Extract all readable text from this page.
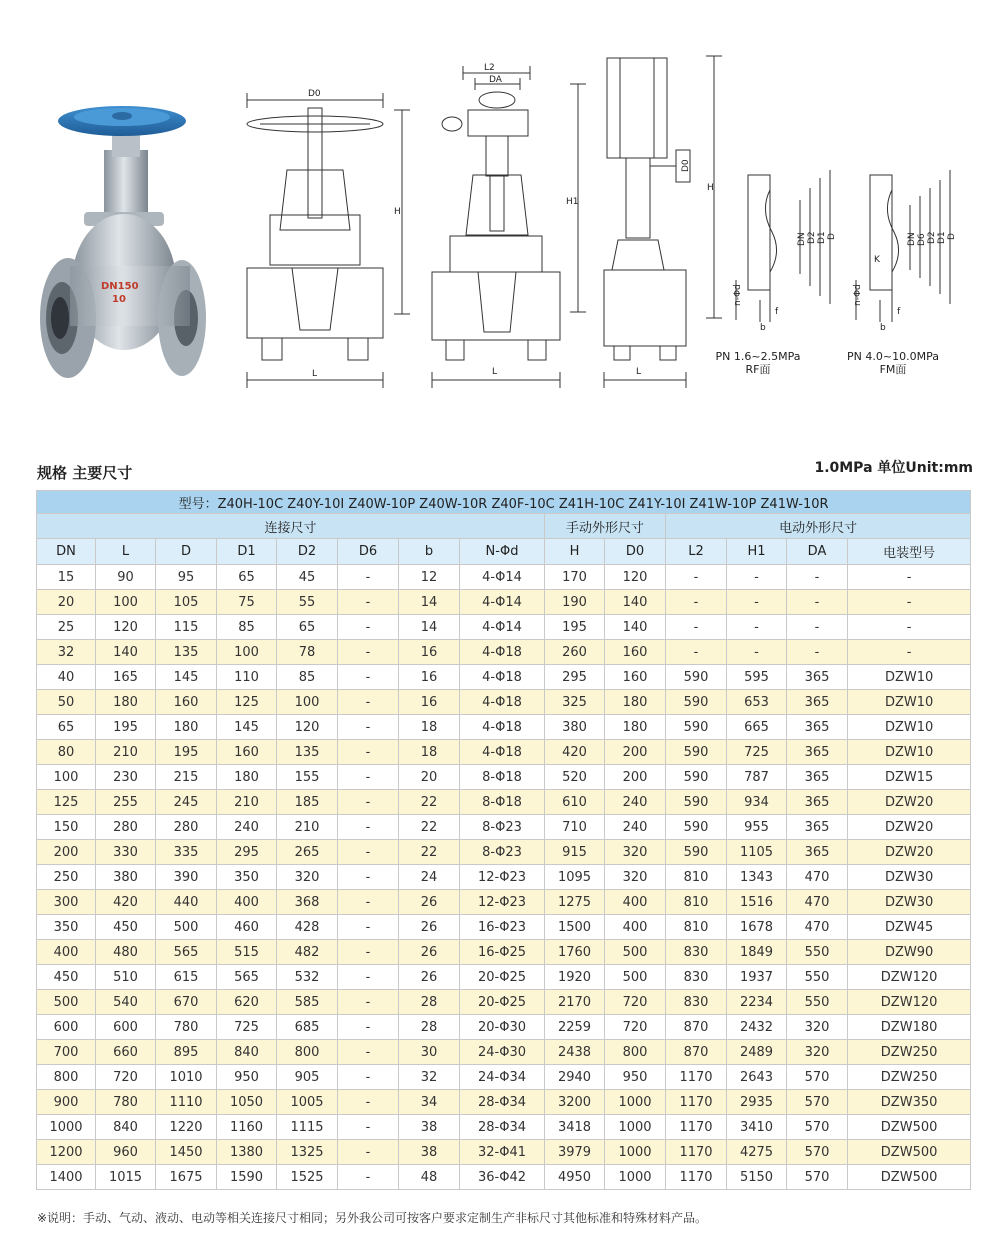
DN150
10
D0
H
L
L2
DA
H1
L
D0
H
L
DN D2 D1 D
n-Φd
b
f
DN D6 D2 D1 D
K
n-Φd
b
f
PN 1.6~2.5MPa
RF面
PN 4.0~10.0MPa
FM面
规格 主要尺寸	1.0MPa 单位Unit:mm
型号：Z40H-10C Z40Y-10I Z40W-10P Z40W-10R Z40F-10C Z41H-10C Z41Y-10I Z41W-10P Z41W-10R													
连接尺寸								手动外形尺寸		电动外形尺寸			
DN	L	D	D1	D2	D6	b	N-Φd	H	D0	L2	H1	DA	电装型号
15	90	95	65	45	-	12	4-Φ14	170	120	-	-	-	-
20	100	105	75	55	-	14	4-Φ14	190	140	-	-	-	-
25	120	115	85	65	-	14	4-Φ14	195	140	-	-	-	-
32	140	135	100	78	-	16	4-Φ18	260	160	-	-	-	-
40	165	145	110	85	-	16	4-Φ18	295	160	590	595	365	DZW10
50	180	160	125	100	-	16	4-Φ18	325	180	590	653	365	DZW10
65	195	180	145	120	-	18	4-Φ18	380	180	590	665	365	DZW10
80	210	195	160	135	-	18	4-Φ18	420	200	590	725	365	DZW10
100	230	215	180	155	-	20	8-Φ18	520	200	590	787	365	DZW15
125	255	245	210	185	-	22	8-Φ18	610	240	590	934	365	DZW20
150	280	280	240	210	-	22	8-Φ23	710	240	590	955	365	DZW20
200	330	335	295	265	-	22	8-Φ23	915	320	590	1105	365	DZW20
250	380	390	350	320	-	24	12-Φ23	1095	320	810	1343	470	DZW30
300	420	440	400	368	-	26	12-Φ23	1275	400	810	1516	470	DZW30
350	450	500	460	428	-	26	16-Φ23	1500	400	810	1678	470	DZW45
400	480	565	515	482	-	26	16-Φ25	1760	500	830	1849	550	DZW90
450	510	615	565	532	-	26	20-Φ25	1920	500	830	1937	550	DZW120
500	540	670	620	585	-	28	20-Φ25	2170	720	830	2234	550	DZW120
600	600	780	725	685	-	28	20-Φ30	2259	720	870	2432	320	DZW180
700	660	895	840	800	-	30	24-Φ30	2438	800	870	2489	320	DZW250
800	720	1010	950	905	-	32	24-Φ34	2940	950	1170	2643	570	DZW250
900	780	1110	1050	1005	-	34	28-Φ34	3200	1000	1170	2935	570	DZW350
1000	840	1220	1160	1115	-	38	28-Φ34	3418	1000	1170	3410	570	DZW500
1200	960	1450	1380	1325	-	38	32-Φ41	3979	1000	1170	4275	570	DZW500
1400	1015	1675	1590	1525	-	48	36-Φ42	4950	1000	1170	5150	570	DZW500
※说明：手动、气动、液动、电动等相关连接尺寸相同；另外我公司可按客户要求定制生产非标尺寸其他标准和特殊材料产品。
